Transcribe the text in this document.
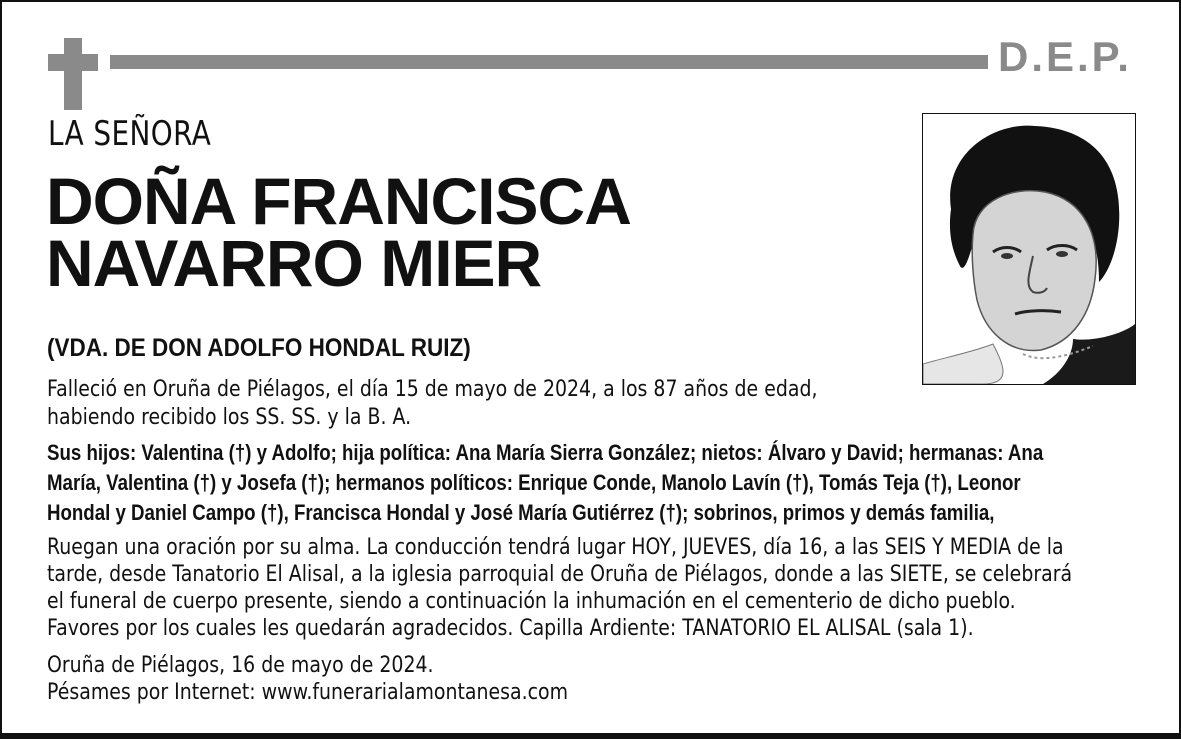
D.E.P.
LA SEÑORA
DOÑA FRANCISCA
NAVARRO MIER
(VDA. DE DON ADOLFO HONDAL RUIZ)
Falleció en Oruña de Piélagos, el día 15 de mayo de 2024, a los 87 años de edad,
habiendo recibido los SS. SS. y la B. A.
Sus hijos: Valentina (†) y Adolfo; hija política: Ana María Sierra González; nietos: Álvaro y David; hermanas: Ana
María, Valentina (†) y Josefa (†); hermanos políticos: Enrique Conde, Manolo Lavín (†), Tomás Teja (†), Leonor
Hondal y Daniel Campo (†), Francisca Hondal y José María Gutiérrez (†); sobrinos, primos y demás familia,
Ruegan una oración por su alma. La conducción tendrá lugar HOY, JUEVES, día 16, a las SEIS Y MEDIA de la
tarde, desde Tanatorio El Alisal, a la iglesia parroquial de Oruña de Piélagos, donde a las SIETE, se celebrará
el funeral de cuerpo presente, siendo a continuación la inhumación en el cementerio de dicho pueblo.
Favores por los cuales les quedarán agradecidos. Capilla Ardiente: TANATORIO EL ALISAL (sala 1).
Oruña de Piélagos, 16 de mayo de 2024.
Pésames por Internet: www.funerarialamontanesa.com
